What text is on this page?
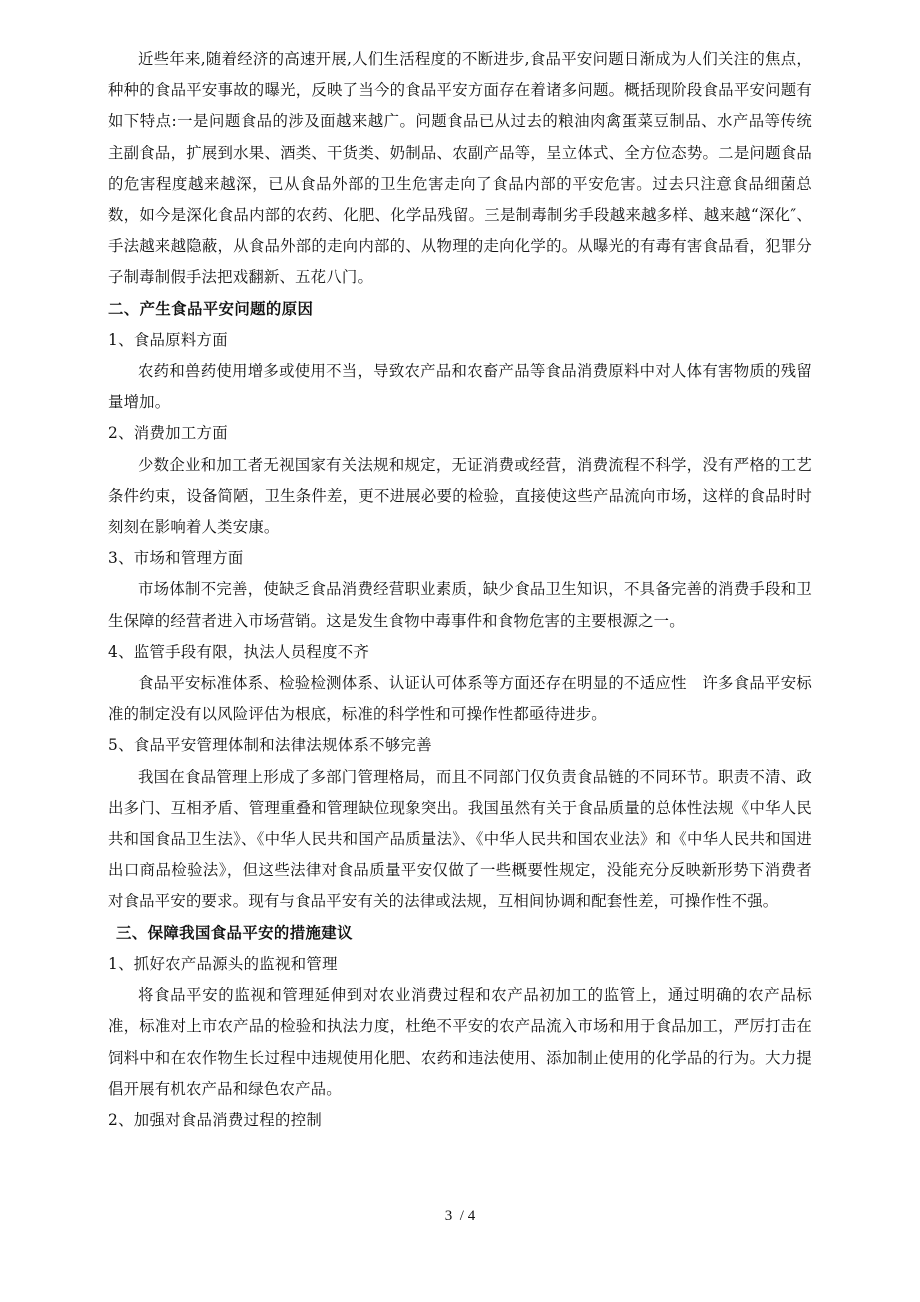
近些年来,随着经济的高速开展,人们生活程度的不断进步,食品平安问题日渐成为人们关注的焦点，种种的食品平安事故的曝光，反映了当今的食品平安方面存在着诸多问题。概括现阶段食品平安问题有如下特点:一是问题食品的涉及面越来越广。问题食品已从过去的粮油肉禽蛋菜豆制品、水产品等传统主副食品，扩展到水果、酒类、干货类、奶制品、农副产品等，呈立体式、全方位态势。二是问题食品的危害程度越来越深，已从食品外部的卫生危害走向了食品内部的平安危害。过去只注意食品细菌总数，如今是深化食品内部的农药、化肥、化学品残留。三是制毒制劣手段越来越多样、越来越“深化″、手法越来越隐蔽，从食品外部的走向内部的、从物理的走向化学的。从曝光的有毒有害食品看，犯罪分子制毒制假手法把戏翻新、五花八门。

二、产生食品平安问题的原因

1、食品原料方面

农药和兽药使用增多或使用不当，导致农产品和农畜产品等食品消费原料中对人体有害物质的残留量增加。

2、消费加工方面

少数企业和加工者无视国家有关法规和规定，无证消费或经营，消费流程不科学，没有严格的工艺条件约束，设备简陋，卫生条件差，更不进展必要的检验，直接使这些产品流向市场，这样的食品时时刻刻在影响着人类安康。

3、市场和管理方面

市场体制不完善，使缺乏食品消费经营职业素质，缺少食品卫生知识，不具备完善的消费手段和卫生保障的经营者进入市场营销。这是发生食物中毒事件和食物危害的主要根源之一。

4、监管手段有限，执法人员程度不齐

食品平安标准体系、检验检测体系、认证认可体系等方面还存在明显的不适应性   许多食品平安标准的制定没有以风险评估为根底，标准的科学性和可操作性都亟待进步。

5、食品平安管理体制和法律法规体系不够完善

我国在食品管理上形成了多部门管理格局，而且不同部门仅负责食品链的不同环节。职责不清、政出多门、互相矛盾、管理重叠和管理缺位现象突出。我国虽然有关于食品质量的总体性法规《中华人民共和国食品卫生法》、《中华人民共和国产品质量法》、《中华人民共和国农业法》和《中华人民共和国进出口商品检验法》，但这些法律对食品质量平安仅做了一些概要性规定，没能充分反映新形势下消费者对食品平安的要求。现有与食品平安有关的法律或法规，互相间协调和配套性差，可操作性不强。

三、保障我国食品平安的措施建议

1、抓好农产品源头的监视和管理

将食品平安的监视和管理延伸到对农业消费过程和农产品初加工的监管上，通过明确的农产品标准，标准对上市农产品的检验和执法力度，杜绝不平安的农产品流入市场和用于食品加工，严厉打击在饲料中和在农作物生长过程中违规使用化肥、农药和违法使用、添加制止使用的化学品的行为。大力提倡开展有机农产品和绿色农产品。

2、加强对食品消费过程的控制

3  / 4
